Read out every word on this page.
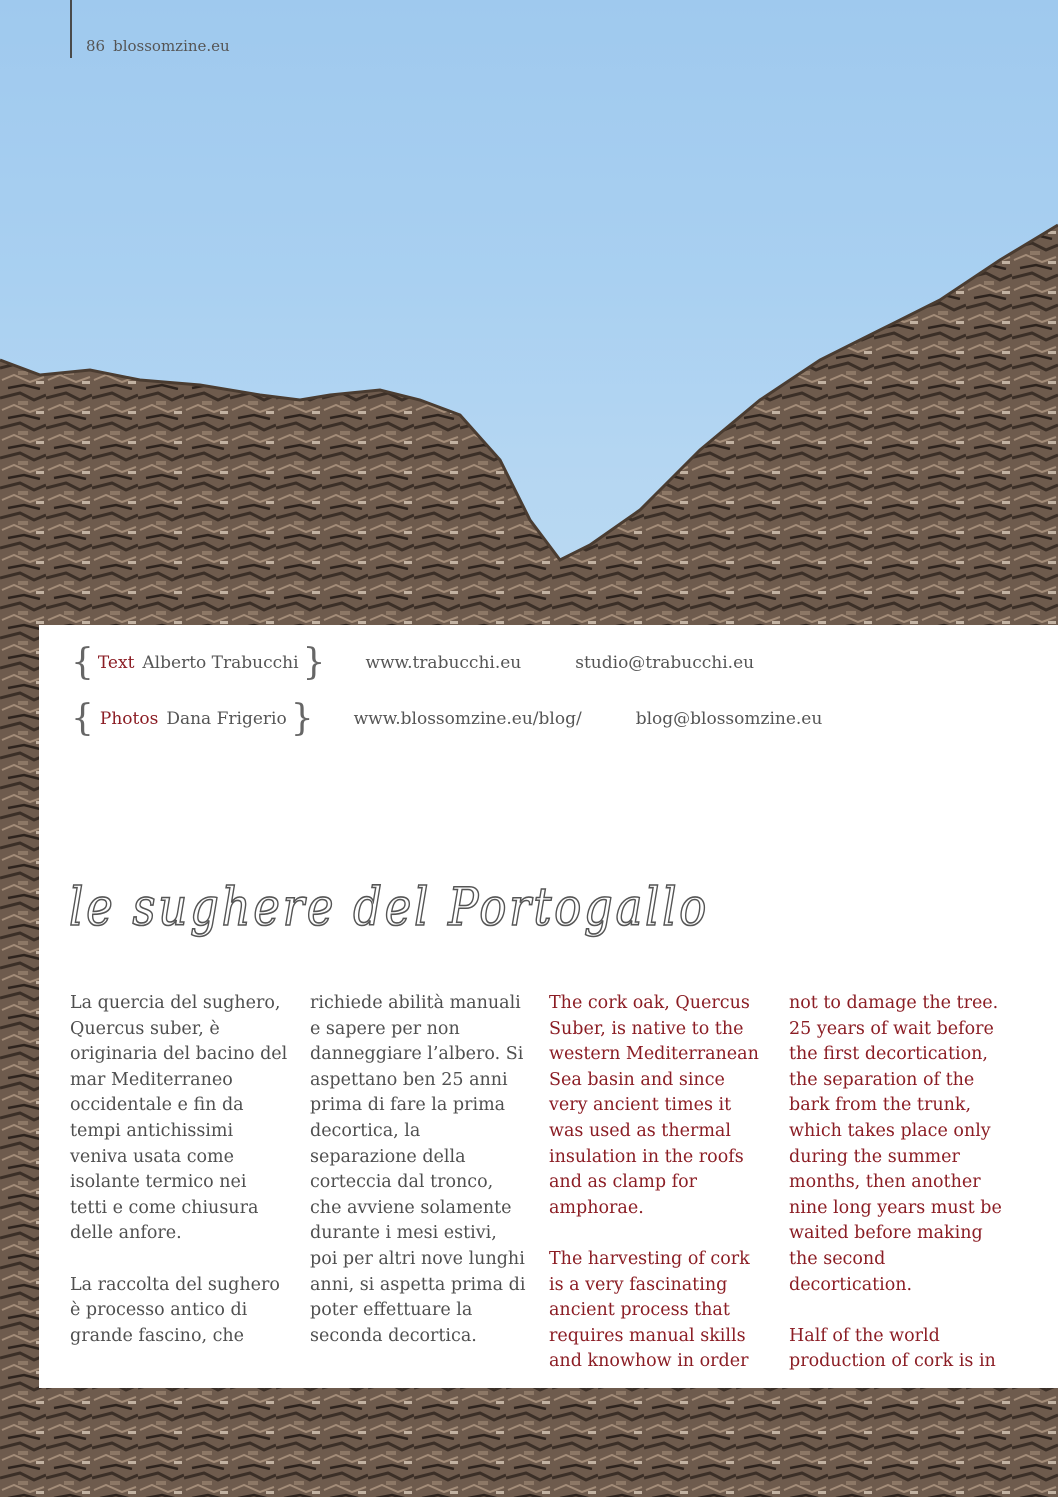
86 blossomzine.eu
{ Text Alberto Trabucchi } www.trabucchi.eu	studio@trabucchi.eu
{ Photos Dana Frigerio } www.blossomzine.eu/blog/	blog@blossomzine.eu
le sughere del Portogallo

La quercia del sughero, Quercus suber, è originaria del bacino del mar Mediterraneo occidentale e fin da tempi antichissimi veniva usata come isolante termico nei tetti e come chiusura delle anfore.

La raccolta del sughero è processo antico di grande fascino, che

richiede abilità manuali e sapere per non danneggiare l’albero. Si aspettano ben 25 anni prima di fare la prima decortica, la separazione della corteccia dal tronco, che avviene solamente durante i mesi estivi, poi per altri nove lunghi anni, si aspetta prima di poter effettuare la seconda decortica.

The cork oak, Quercus Suber, is native to the western Mediterranean Sea basin and since very ancient times it was used as thermal insulation in the roofs and as clamp for amphorae.

The harvesting of cork is a very fascinating ancient process that requires manual skills and knowhow in order

not to damage the tree. 25 years of wait before the first decortication, the separation of the bark from the trunk, which takes place only during the summer months, then another nine long years must be waited before making the second decortication.

Half of the world production of cork is in
